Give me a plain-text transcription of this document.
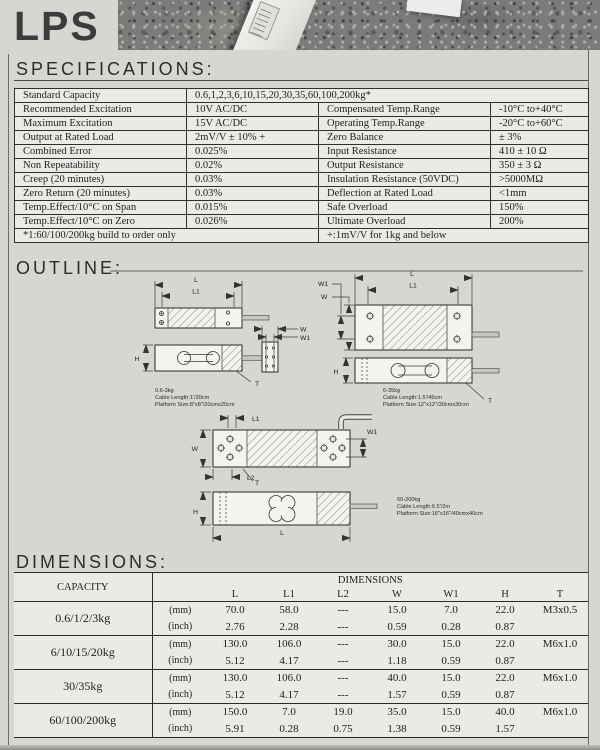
LPS
SPECIFICATIONS:
Standard Capacity	0.6,1,2,3,6,10,15,20,30,35,60,100,200kg*		
Recommended Excitation	10V AC/DC	Compensated Temp.Range	-10°C to+40°C
Maximum Excitation	15V AC/DC	Operating Temp.Range	-20°C to+60°C
Output at Rated Load	2mV/V ± 10% +	Zero Balance	± 3%
Combined Error	0.025%	Input Resistance	410 ± 10 Ω
Non Repeatability	0.02%	Output Resistance	350 ± 3 Ω
Creep (20 minutes)	0.03%	Insulation Resistance (50VDC)	>5000MΩ
Zero Return (20 minutes)	0.03%	Deflection at Rated Load	<1mm
Temp.Effect/10°C on Span	0.015%	Safe Overload	150%
Temp.Effect/10°C on Zero	0.026%	Ultimate Overload	200%
*1:60/100/200kg build to order only		+:1mV/V for 1kg and below	
OUTLINE:
L
L1
H
T
W
W1
0.6-3kg
Cable Length:1'/20cm
Platform Size:8"x8"/20cmx20cm
L
L1
W1
W
H
T
6-35kg
Cable Length:1.5'/45cm
Platform Size:12"x12"/30cmx30cm
L1
W1
W
L2
T
H
L
60-200kg
Cable Length:6.5'/2m
Platform Size:16"x16"/40cmx40cm
DIMENSIONS:
CAPACITY	DIMENSIONS							
		L	L1	L2	W	W1	H	T
0.6/1/2/3kg	(mm)	70.0	58.0	---	15.0	7.0	22.0	M3x0.5
	(inch)	2.76	2.28	---	0.59	0.28	0.87	
6/10/15/20kg	(mm)	130.0	106.0	---	30.0	15.0	22.0	M6x1.0
	(inch)	5.12	4.17	---	1.18	0.59	0.87	
30/35kg	(mm)	130.0	106.0	---	40.0	15.0	22.0	M6x1.0
	(inch)	5.12	4.17	---	1.57	0.59	0.87	
60/100/200kg	(mm)	150.0	7.0	19.0	35.0	15.0	40.0	M6x1.0
	(inch)	5.91	0.28	0.75	1.38	0.59	1.57	
